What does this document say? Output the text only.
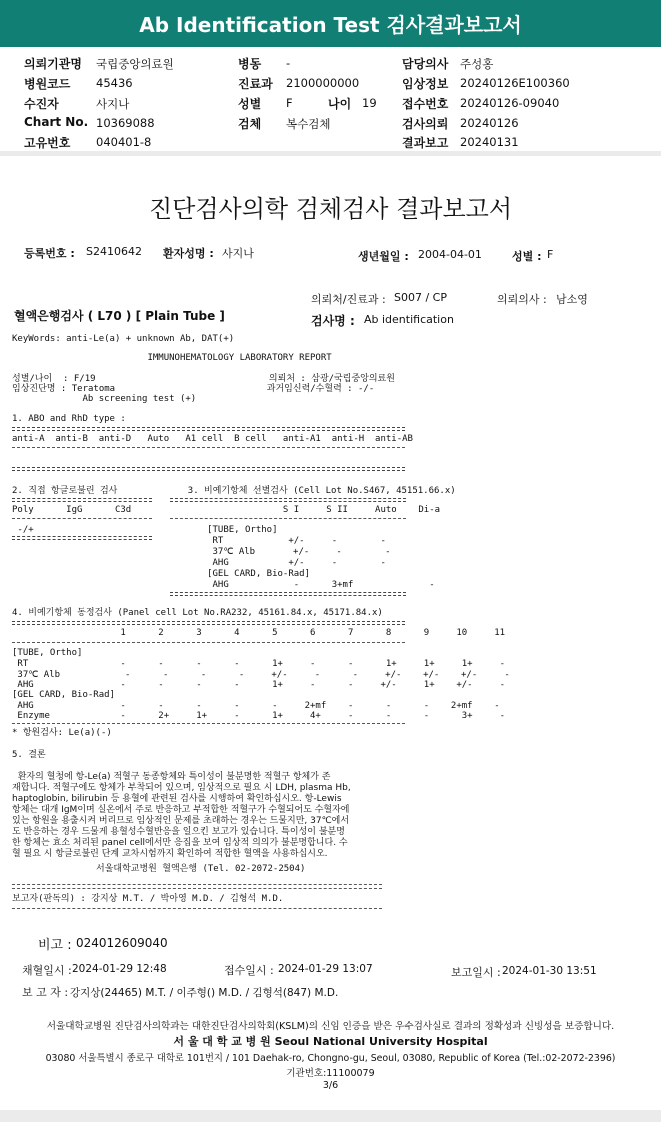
Ab Identification Test 검사결과보고서
의뢰기관명 국립중앙의료원
병원코드 45436
수진자	사지나
Chart No. 10369088
고유번호 040401-8
병동 -
진료과 2100000000
성별 F	나이 19
검체 복수검체
담당의사 주성홍
임상정보 20240126E100360
접수번호 20240126-09040
검사의뢰 20240126
결과보고 20240131
진단검사의학 검체검사 결과보고서
등록번호 : S2410642 환자성명 : 사지나	생년월일 : 2004-04-01	성별 : F
의뢰처/진료과 : S007 / CP	의뢰의사 : 남소영
혈액은행검사 ( L70 ) [ Plain Tube ]	검사명 : Ab identification
KeyWords: anti-Le(a) + unknown Ab, DAT(+)
IMMUNOHEMATOLOGY LABORATORY REPORT
성별/나이  : F/19                                의뢰처 : 삼광/국립중앙의료원
임상진단명 : Teratoma                            과거임신력/수혈력 : -/-
Ab screening test (+)
1. ABO and RhD type :
anti-A  anti-B  anti-D   Auto   A1 cell  B cell   anti-A1  anti-H  anti-AB
2. 직접 항글로불린 검사             3. 비예기항체 선별검사 (Cell Lot No.S467, 45151.66.x)
Poly      IgG      C3d                            S I     S II     Auto    Di-a
-/+                                [TUBE, Ortho]
RT            +/-     -        -
37℃ Alb       +/-     -        -
AHG           +/-     -        -
[GEL CARD, Bio-Rad]
AHG            -      3+mf              -
4. 비예기항체 동정검사 (Panel cell Lot No.RA232, 45161.84.x, 45171.84.x)
1      2      3      4      5      6      7      8      9     10     11
[TUBE, Ortho]
RT                 -      -      -      -      1+     -      -      1+     1+     1+     -
37℃ Alb            -      -      -      -     +/-     -      -     +/-    +/-    +/-     -
AHG                -      -      -      -      1+     -      -     +/-     1+    +/-     -
[GEL CARD, Bio-Rad]
AHG                -      -      -      -      -     2+mf    -      -      -    2+mf    -
Enzyme             -      2+     1+     -      1+     4+     -      -      -      3+     -
* 항원검사: Le(a)(-)
5. 결론
환자의 혈청에 항-Le(a) 적혈구 동종항체와 특이성이 불분명한 적혈구 항체가 존
재합니다. 적혈구에도 항체가 부착되어 있으며, 임상적으로 필요 시 LDH, plasma Hb,
haptoglobin, bilirubin 등 용혈에 관련된 검사를 시행하여 확인하십시오. 항-Lewis
항체는 대개 IgM이며 실온에서 주로 반응하고 부적합한 적혈구가 수혈되어도 수혈자에
있는 항원을 용출시켜 버리므로 임상적인 문제를 초래하는 경우는 드물지만, 37℃에서
도 반응하는 경우 드물게 용혈성수혈반응을 일으킨 보고가 있습니다. 특이성이 불분명
한 항체는 효소 처리된 panel cell에서만 응집을 보여 임상적 의의가 불분명합니다. 수
혈 필요 시 항글로불린 단계 교차시험까지 확인하여 적합한 혈액을 사용하십시오.
서울대학교병원 혈액은행 (Tel. 02-2072-2504)
보고자(판독의) : 강지상 M.T. / 박아영 M.D. / 김형석 M.D.
비고 : 024012609040
채혈일시 : 2024-01-29 12:48	접수일시 : 2024-01-29 13:07	보고일시 : 2024-01-30 13:51
보 고 자 : 강지상(24465) M.T. / 이주형() M.D. / 김형석(847) M.D.
서울대학교병원 진단검사의학과는 대한진단검사의학회(KSLM)의 신임 인증을 받은 우수검사실로 결과의 정확성과 신빙성을 보증합니다.
서 울 대 학 교 병 원 Seoul National University Hospital
03080 서울특별시 종로구 대학로 101번지 / 101 Daehak-ro, Chongno-gu, Seoul, 03080, Republic of Korea (Tel.:02-2072-2396)
기관번호:11100079
3/6
